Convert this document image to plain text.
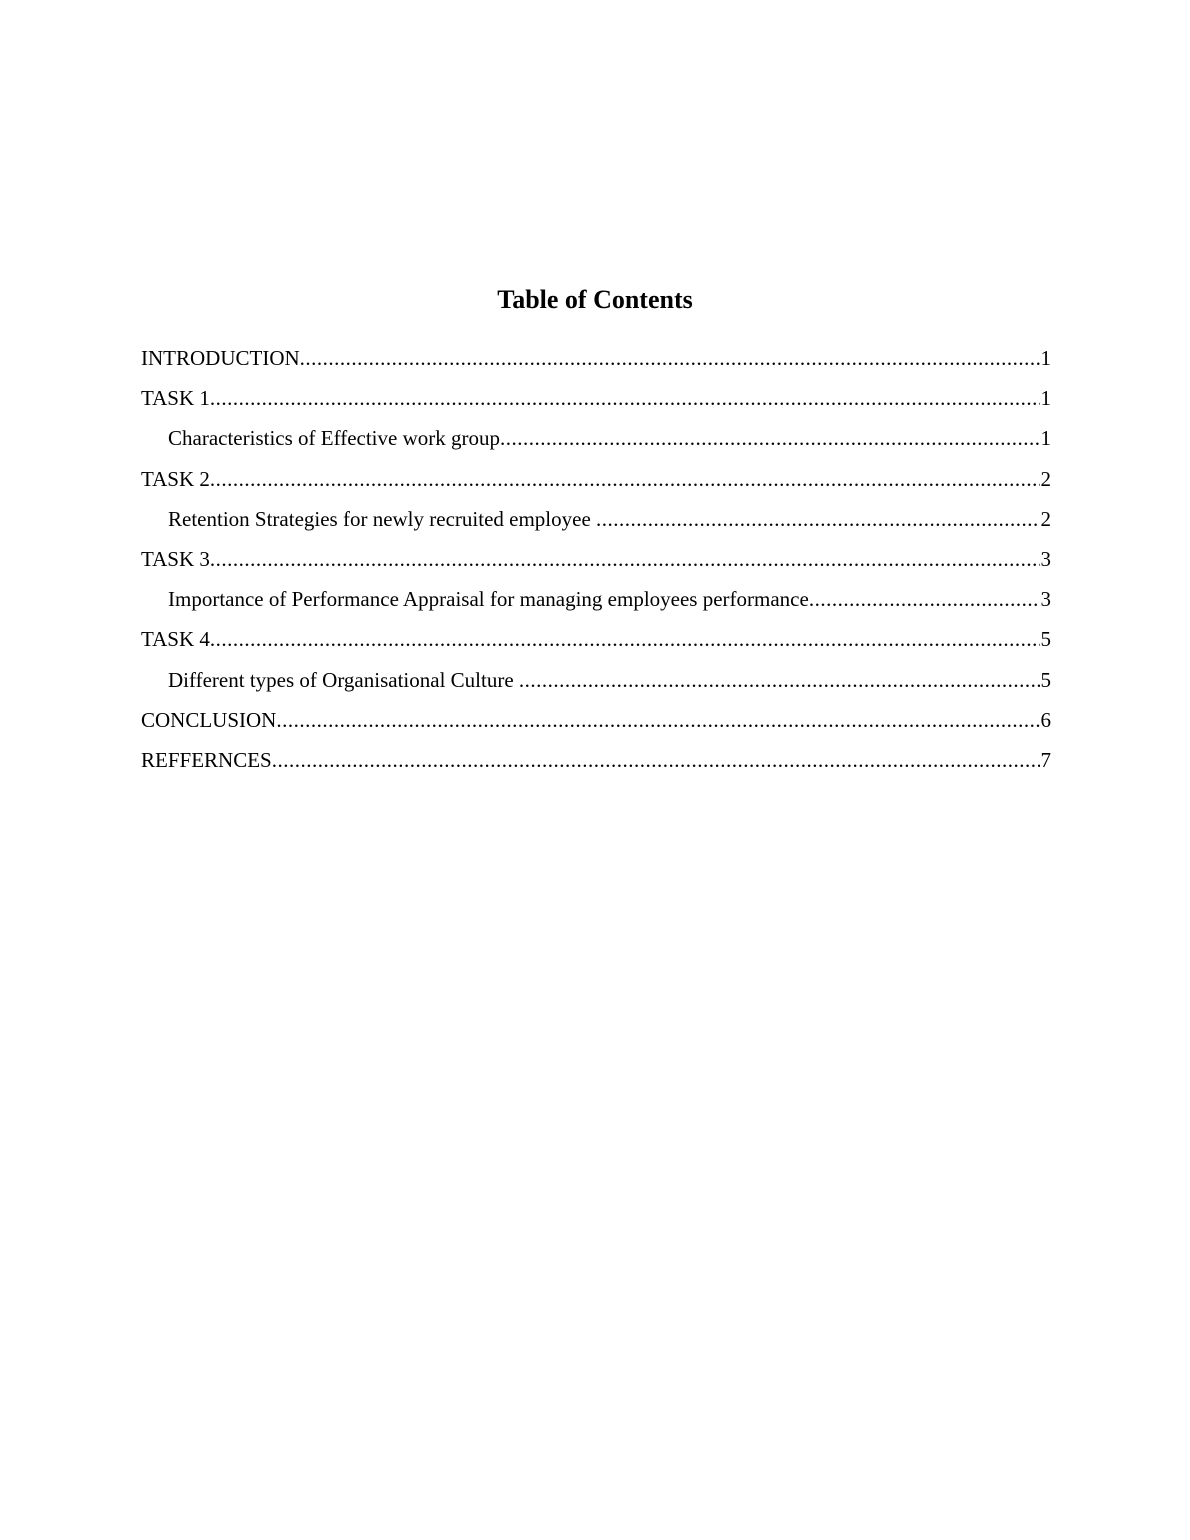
Table of Contents
INTRODUCTION .....	1
TASK 1 .....	1
Characteristics of Effective work group .....	1
TASK 2 .....	2
Retention Strategies for newly recruited employee .....	2
TASK 3 .....	3
Importance of Performance Appraisal for managing employees performance .....	3
TASK 4 .....	5
Different types of Organisational Culture .....	5
CONCLUSION .....	6
REFFERNCES .....	7
